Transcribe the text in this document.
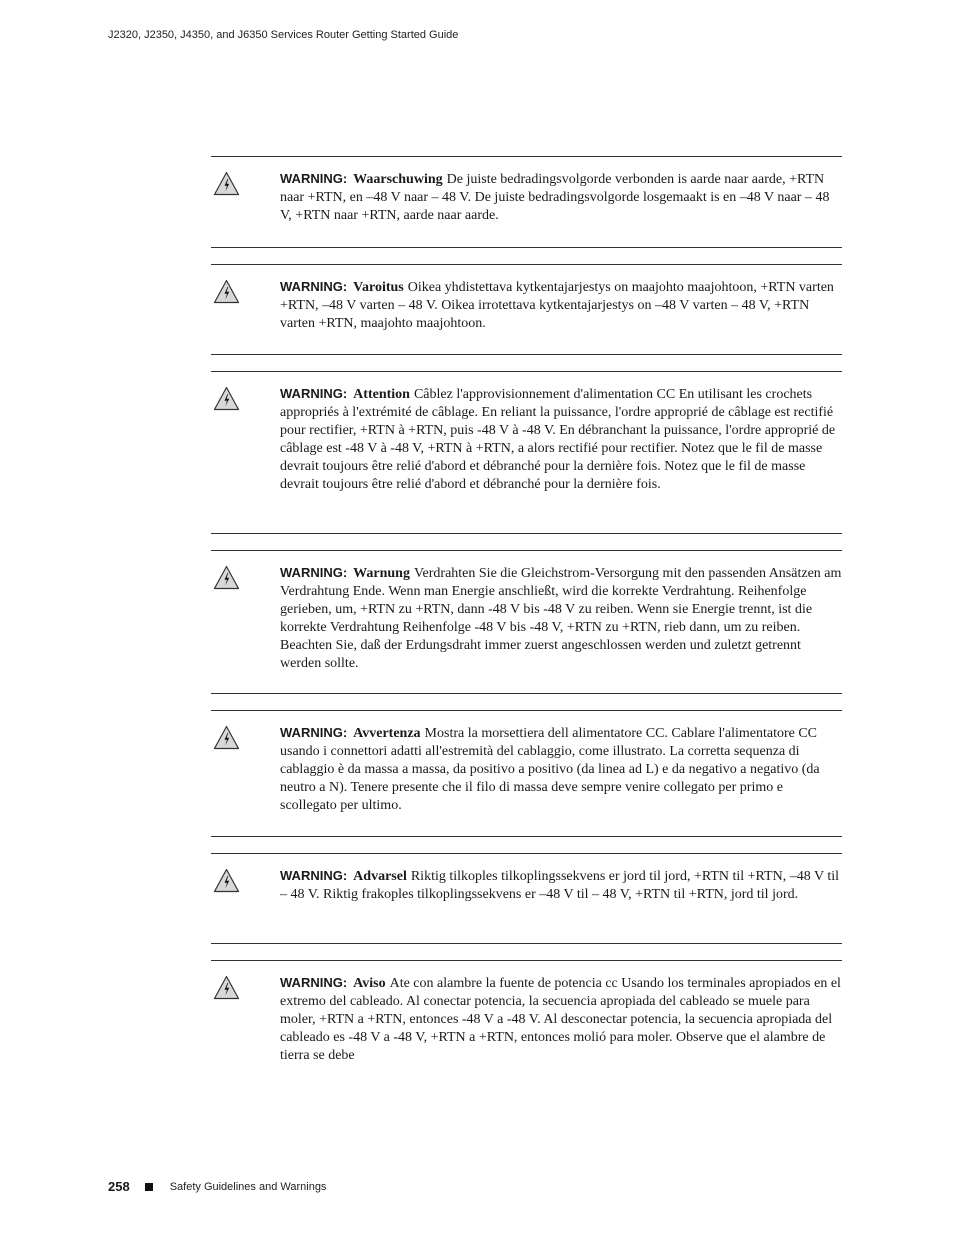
J2320, J2350, J4350, and J6350 Services Router Getting Started Guide
WARNING: Waarschuwing De juiste bedradingsvolgorde verbonden is aarde naar aarde, +RTN naar +RTN, en –48 V naar – 48 V. De juiste bedradingsvolgorde losgemaakt is en –48 V naar – 48 V, +RTN naar +RTN, aarde naar aarde.
WARNING: Varoitus Oikea yhdistettava kytkentajarjestys on maajohto maajohtoon, +RTN varten +RTN, –48 V varten – 48 V. Oikea irrotettava kytkentajarjestys on –48 V varten – 48 V, +RTN varten +RTN, maajohto maajohtoon.
WARNING: Attention Câblez l'approvisionnement d'alimentation CC En utilisant les crochets appropriés à l'extrémité de câblage. En reliant la puissance, l'ordre approprié de câblage est rectifié pour rectifier, +RTN à +RTN, puis -48 V à -48 V. En débranchant la puissance, l'ordre approprié de câblage est -48 V à -48 V, +RTN à +RTN, a alors rectifié pour rectifier. Notez que le fil de masse devrait toujours être relié d'abord et débranché pour la dernière fois. Notez que le fil de masse devrait toujours être relié d'abord et débranché pour la dernière fois.
WARNING: Warnung Verdrahten Sie die Gleichstrom-Versorgung mit den passenden Ansätzen am Verdrahtung Ende. Wenn man Energie anschließt, wird die korrekte Verdrahtung. Reihenfolge gerieben, um, +RTN zu +RTN, dann -48 V bis -48 V zu reiben. Wenn sie Energie trennt, ist die korrekte Verdrahtung Reihenfolge -48 V bis -48 V, +RTN zu +RTN, rieb dann, um zu reiben. Beachten Sie, daß der Erdungsdraht immer zuerst angeschlossen werden und zuletzt getrennt werden sollte.
WARNING: Avvertenza Mostra la morsettiera dell alimentatore CC. Cablare l'alimentatore CC usando i connettori adatti all'estremità del cablaggio, come illustrato. La corretta sequenza di cablaggio è da massa a massa, da positivo a positivo (da linea ad L) e da negativo a negativo (da neutro a N). Tenere presente che il filo di massa deve sempre venire collegato per primo e scollegato per ultimo.
WARNING: Advarsel Riktig tilkoples tilkoplingssekvens er jord til jord, +RTN til +RTN, –48 V til – 48 V. Riktig frakoples tilkoplingssekvens er –48 V til – 48 V, +RTN til +RTN, jord til jord.
WARNING: Aviso Ate con alambre la fuente de potencia cc Usando los terminales apropiados en el extremo del cableado. Al conectar potencia, la secuencia apropiada del cableado se muele para moler, +RTN a +RTN, entonces -48 V a -48 V. Al desconectar potencia, la secuencia apropiada del cableado es -48 V a -48 V, +RTN a +RTN, entonces molió para moler. Observe que el alambre de tierra se debe
258	Safety Guidelines and Warnings
